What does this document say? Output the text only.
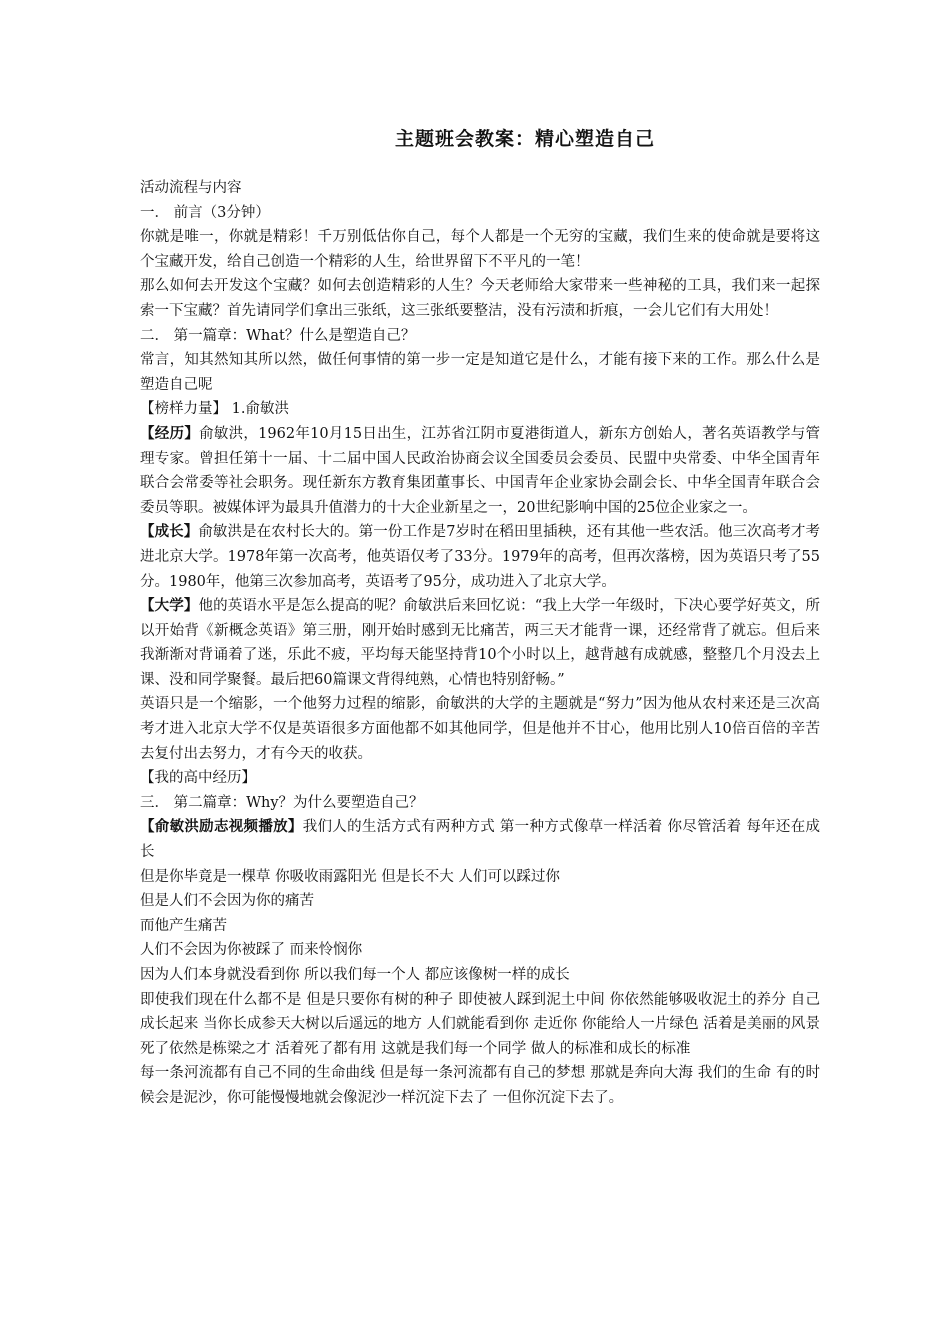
主题班会教案：精心塑造自己

活动流程与内容

一． 前言（3分钟）

你就是唯一，你就是精彩！千万别低估你自己，每个人都是一个无穷的宝藏，我们生来的使命就是要将这个宝藏开发，给自己创造一个精彩的人生，给世界留下不平凡的一笔！

那么如何去开发这个宝藏？如何去创造精彩的人生？今天老师给大家带来一些神秘的工具，我们来一起探索一下宝藏？首先请同学们拿出三张纸，这三张纸要整洁，没有污渍和折痕，一会儿它们有大用处！

二． 第一篇章：What？什么是塑造自己？

常言，知其然知其所以然，做任何事情的第一步一定是知道它是什么，才能有接下来的工作。那么什么是塑造自己呢

【榜样力量】 1.俞敏洪

【经历】俞敏洪，1962年10月15日出生，江苏省江阴市夏港街道人，新东方创始人，著名英语教学与管理专家。曾担任第十一届、十二届中国人民政治协商会议全国委员会委员、民盟中央常委、中华全国青年联合会常委等社会职务。现任新东方教育集团董事长、中国青年企业家协会副会长、中华全国青年联合会委员等职。被媒体评为最具升值潜力的十大企业新星之一，20世纪影响中国的25位企业家之一。

【成长】俞敏洪是在农村长大的。第一份工作是7岁时在稻田里插秧，还有其他一些农活。他三次高考才考进北京大学。1978年第一次高考，他英语仅考了33分。1979年的高考，但再次落榜，因为英语只考了55分。1980年，他第三次参加高考，英语考了95分，成功进入了北京大学。

【大学】他的英语水平是怎么提高的呢？俞敏洪后来回忆说：“我上大学一年级时，下决心要学好英文，所以开始背《新概念英语》第三册，刚开始时感到无比痛苦，两三天才能背一课，还经常背了就忘。但后来我渐渐对背诵着了迷，乐此不疲，平均每天能坚持背10个小时以上，越背越有成就感，整整几个月没去上课、没和同学聚餐。最后把60篇课文背得纯熟，心情也特别舒畅。”

英语只是一个缩影，一个他努力过程的缩影，俞敏洪的大学的主题就是“努力”因为他从农村来还是三次高考才进入北京大学不仅是英语很多方面他都不如其他同学，但是他并不甘心，他用比别人10倍百倍的辛苦去复付出去努力，才有今天的收获。

【我的高中经历】

三． 第二篇章：Why？为什么要塑造自己？

【俞敏洪励志视频播放】我们人的生活方式有两种方式 第一种方式像草一样活着 你尽管活着 每年还在成长

但是你毕竟是一棵草 你吸收雨露阳光 但是长不大 人们可以踩过你

但是人们不会因为你的痛苦

而他产生痛苦

人们不会因为你被踩了 而来怜悯你

因为人们本身就没看到你 所以我们每一个人 都应该像树一样的成长

即使我们现在什么都不是 但是只要你有树的种子 即使被人踩到泥土中间 你依然能够吸收泥土的养分 自己成长起来 当你长成参天大树以后遥远的地方 人们就能看到你 走近你 你能给人一片绿色 活着是美丽的风景 死了依然是栋梁之才 活着死了都有用 这就是我们每一个同学 做人的标准和成长的标准

每一条河流都有自己不同的生命曲线 但是每一条河流都有自己的梦想 那就是奔向大海 我们的生命 有的时候会是泥沙，你可能慢慢地就会像泥沙一样沉淀下去了 一但你沉淀下去了。
